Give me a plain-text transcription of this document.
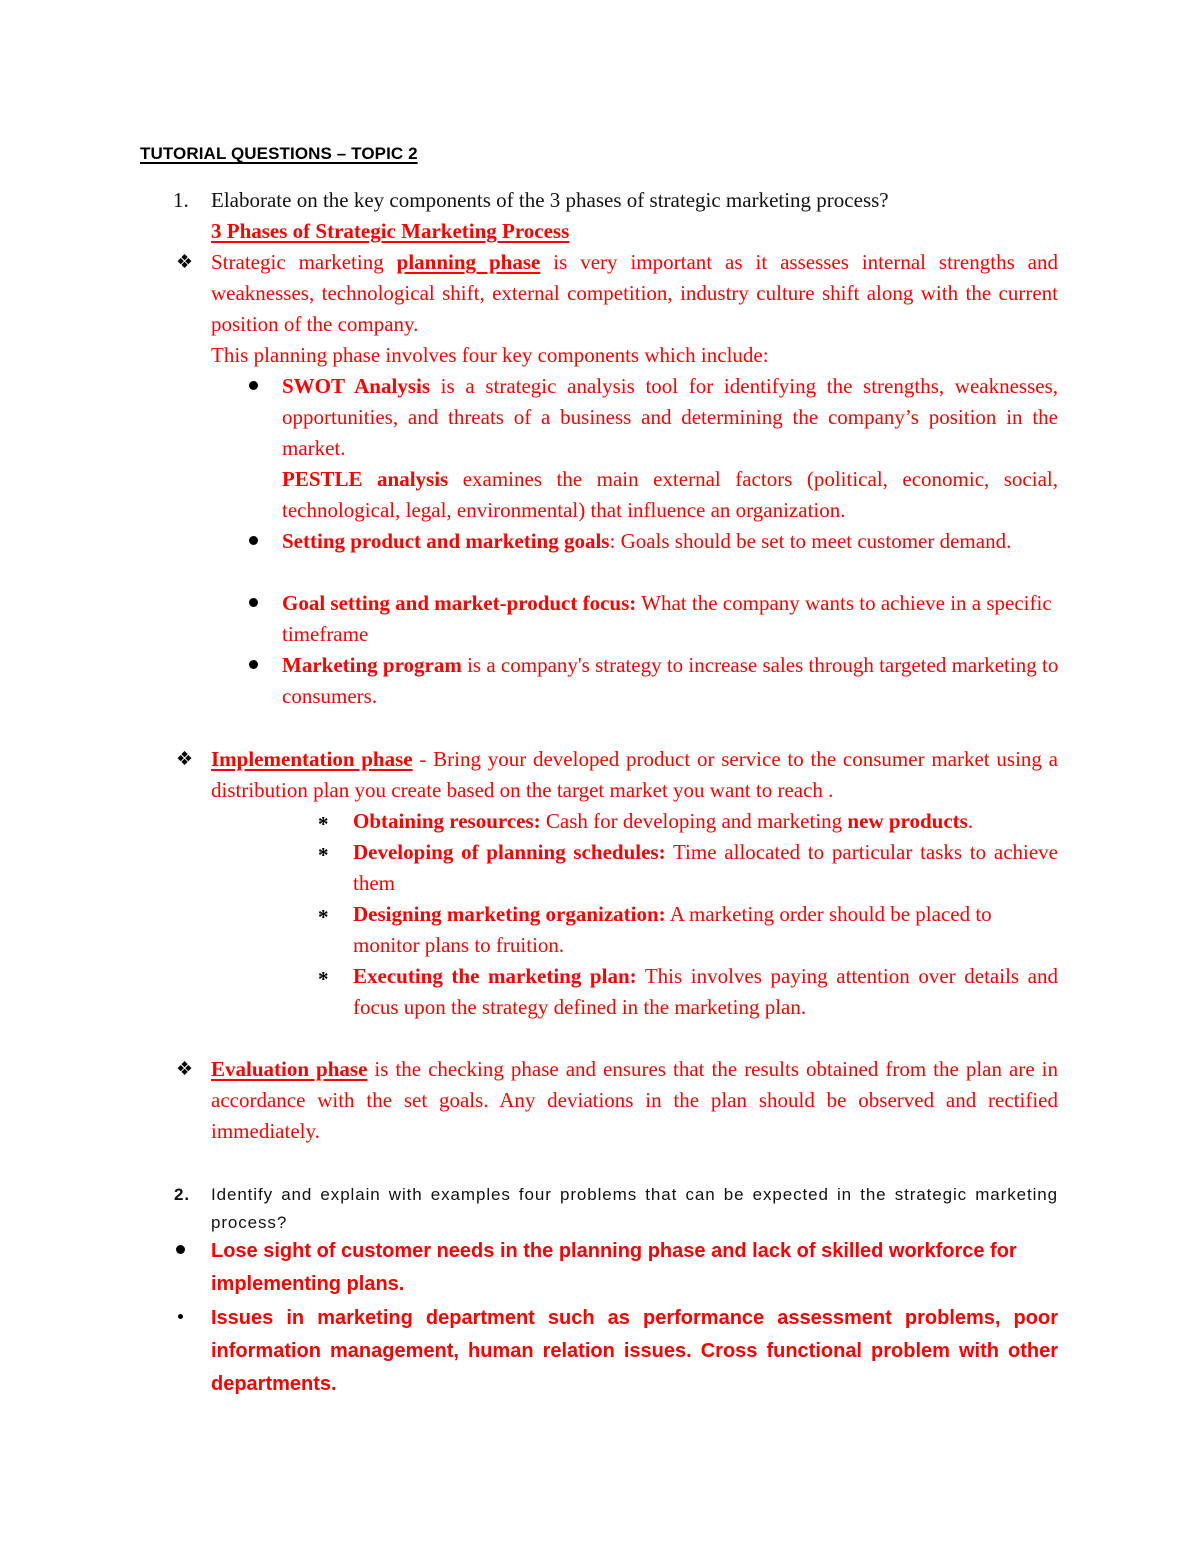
TUTORIAL QUESTIONS – TOPIC 2
1. Elaborate on the key components of the 3 phases of strategic marketing process?
3 Phases of Strategic Marketing Process
❖ Strategic marketing planning phase is very important as it assesses internal strengths and weaknesses, technological shift, external competition, industry culture shift along with the current position of the company.
This planning phase involves four key components which include:
SWOT Analysis is a strategic analysis tool for identifying the strengths, weaknesses, opportunities, and threats of a business and determining the company’s position in the market.
PESTLE analysis examines the main external factors (political, economic, social, technological, legal, environmental) that influence an organization.
Setting product and marketing goals: Goals should be set to meet customer demand.
Goal setting and market-product focus: What the company wants to achieve in a specific timeframe
Marketing program is a company's strategy to increase sales through targeted marketing to consumers.
❖ Implementation phase - Bring your developed product or service to the consumer market using a distribution plan you create based on the target market you want to reach .
* Obtaining resources: Cash for developing and marketing new products.
* Developing of planning schedules: Time allocated to particular tasks to achieve them
* Designing marketing organization: A marketing order should be placed to monitor plans to fruition.
* Executing the marketing plan: This involves paying attention over details and focus upon the strategy defined in the marketing plan.
❖ Evaluation phase is the checking phase and ensures that the results obtained from the plan are in accordance with the set goals. Any deviations in the plan should be observed and rectified immediately.
2. Identify and explain with examples four problems that can be expected in the strategic marketing process?
Lose sight of customer needs in the planning phase and lack of skilled workforce for implementing plans.
Issues in marketing department such as performance assessment problems, poor information management, human relation issues. Cross functional problem with other departments.
